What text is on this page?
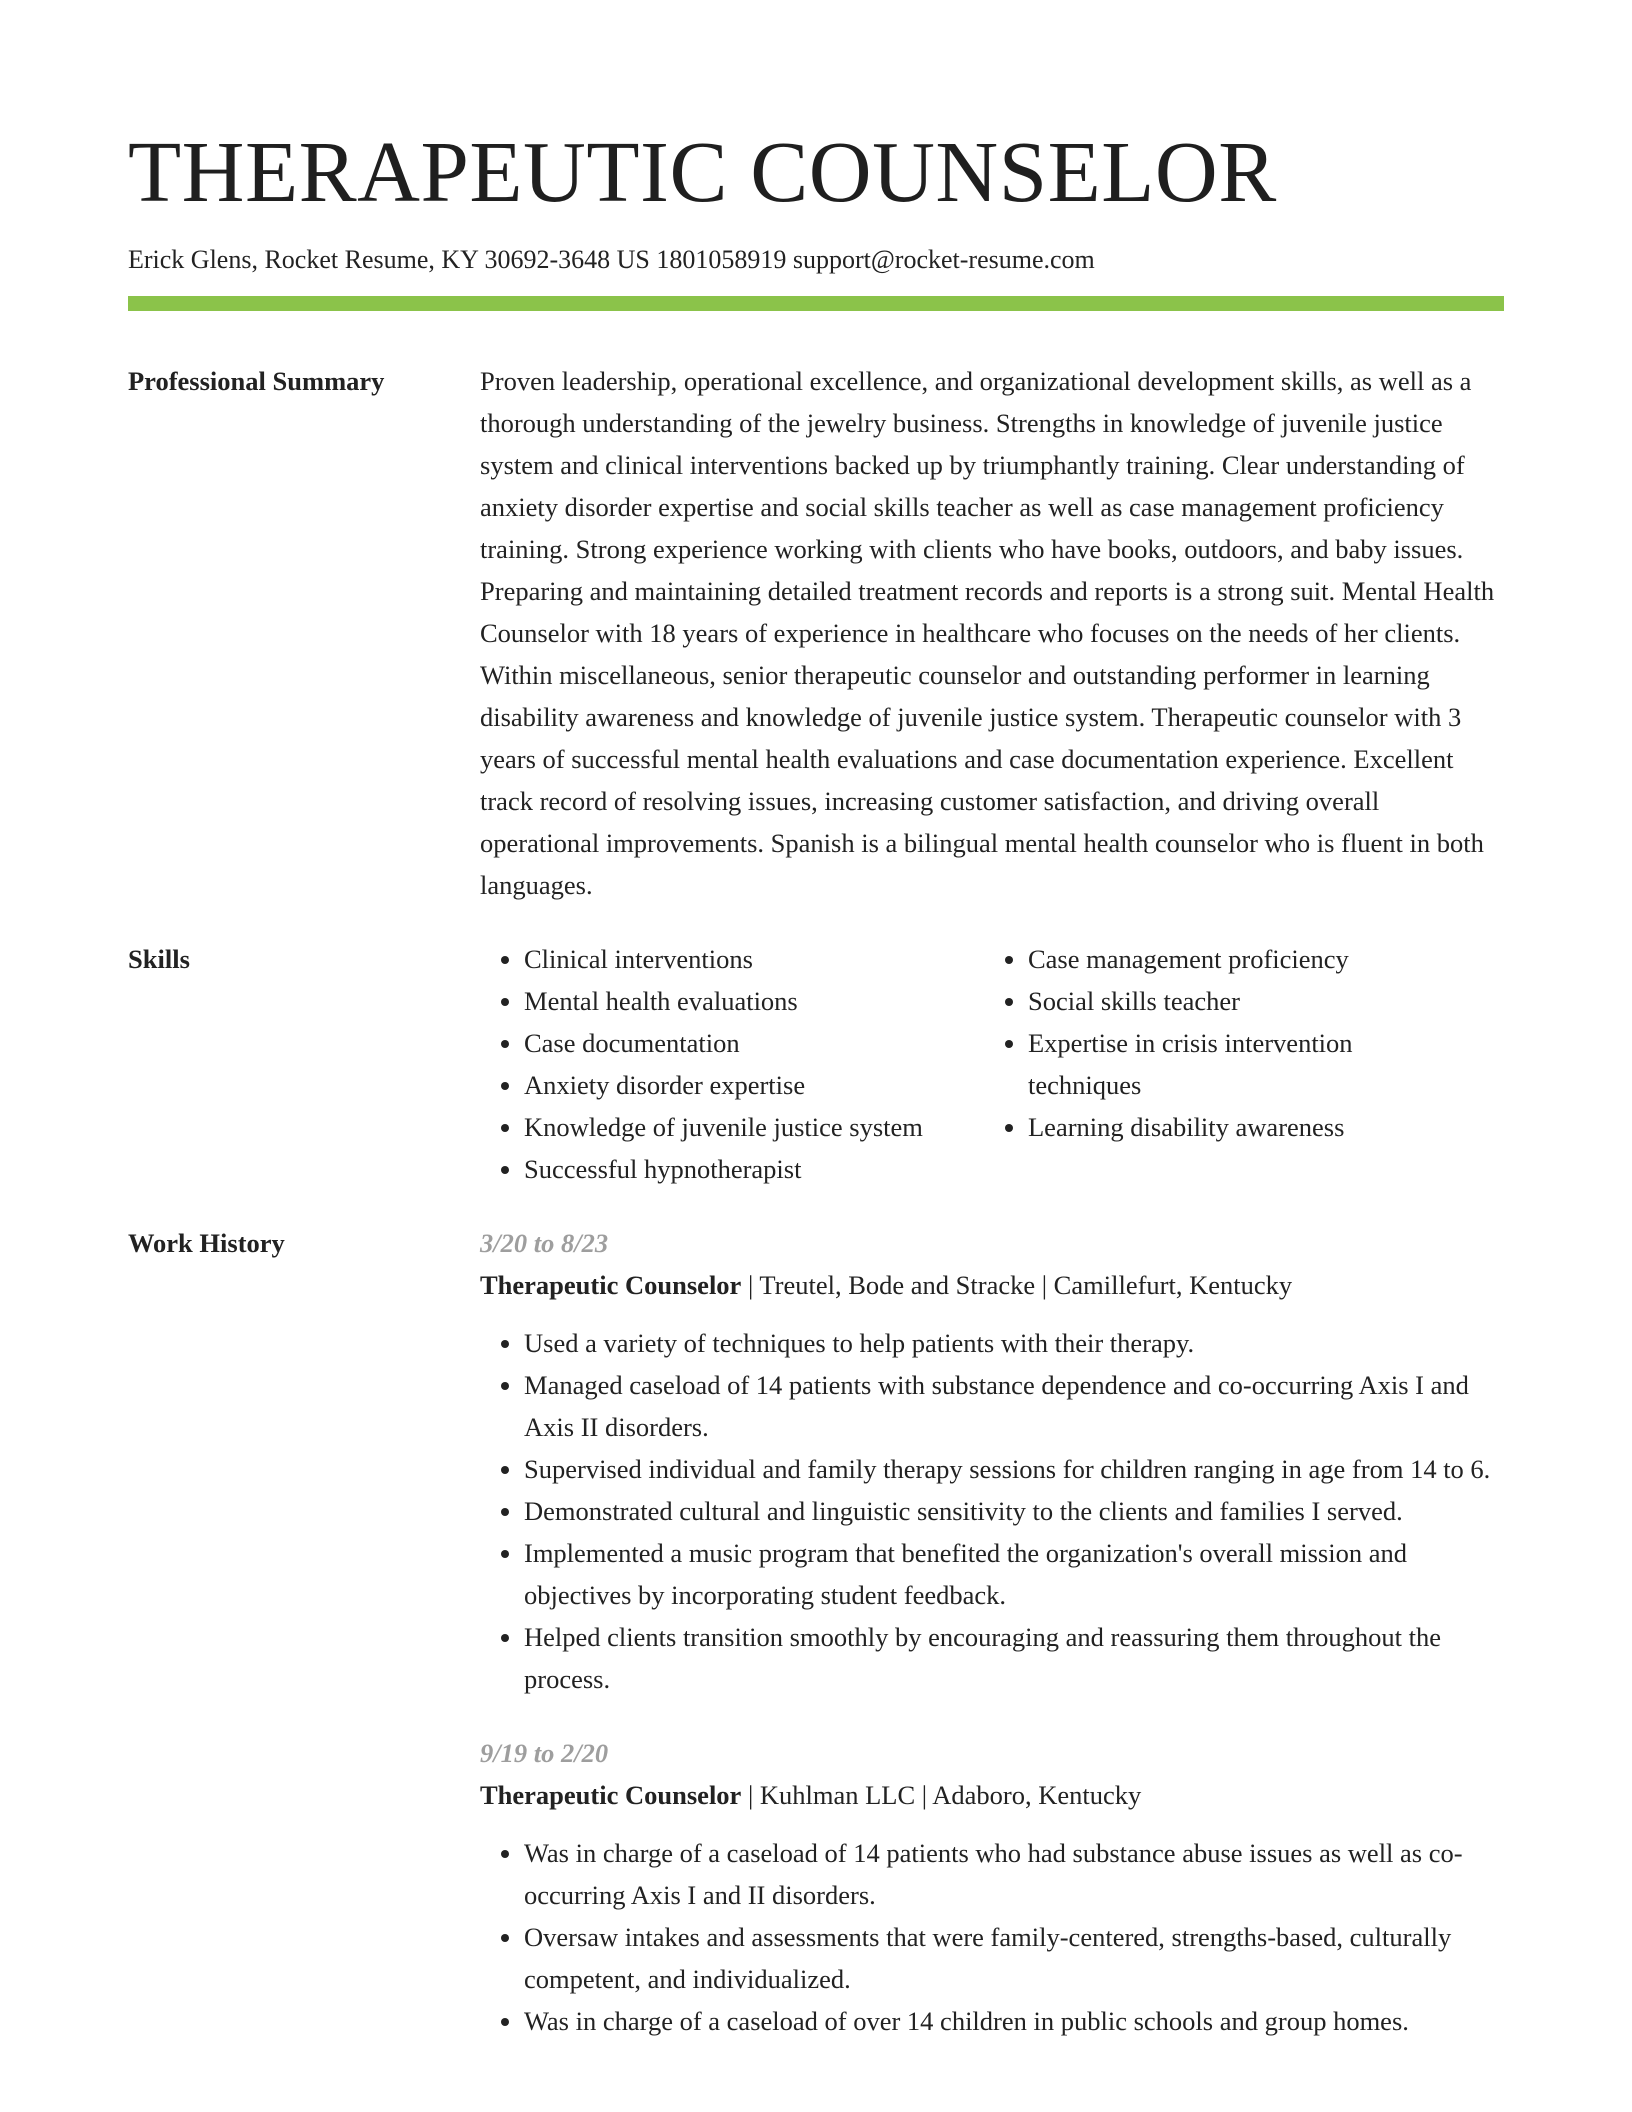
THERAPEUTIC COUNSELOR
Erick Glens, Rocket Resume, KY 30692-3648 US 1801058919 support@rocket-resume.com
Professional Summary	Proven leadership, operational excellence, and organizational development skills, as well as a thorough understanding of the jewelry business. Strengths in knowledge of juvenile justice system and clinical interventions backed up by triumphantly training. Clear understanding of anxiety disorder expertise and social skills teacher as well as case management proficiency training. Strong experience working with clients who have books, outdoors, and baby issues. Preparing and maintaining detailed treatment records and reports is a strong suit. Mental Health Counselor with 18 years of experience in healthcare who focuses on the needs of her clients. Within miscellaneous, senior therapeutic counselor and outstanding performer in learning disability awareness and knowledge of juvenile justice system. Therapeutic counselor with 3 years of successful mental health evaluations and case documentation experience. Excellent track record of resolving issues, increasing customer satisfaction, and driving overall operational improvements. Spanish is a bilingual mental health counselor who is fluent in both languages.

Skills
•	Clinical interventions
• Mental health evaluations
• Case documentation
• Anxiety disorder expertise
• Knowledge of juvenile justice system
• Successful hypnotherapist
• Case management proficiency
• Social skills teacher
• Expertise in crisis intervention techniques
• Learning disability awareness
Work History	3/20 to 8/23
Therapeutic Counselor | Treutel, Bode and Stracke | Camillefurt, Kentucky
• Used a variety of techniques to help patients with their therapy.
• Managed caseload of 14 patients with substance dependence and co-occurring Axis I and Axis II disorders.
• Supervised individual and family therapy sessions for children ranging in age from 14 to 6.
• Demonstrated cultural and linguistic sensitivity to the clients and families I served.
• Implemented a music program that benefited the organization's overall mission and objectives by incorporating student feedback.
• Helped clients transition smoothly by encouraging and reassuring them throughout the process.
9/19 to 2/20
Therapeutic Counselor | Kuhlman LLC | Adaboro, Kentucky
• Was in charge of a caseload of 14 patients who had substance abuse issues as well as co-occurring Axis I and II disorders.
• Oversaw intakes and assessments that were family-centered, strengths-based, culturally competent, and individualized.
• Was in charge of a caseload of over 14 children in public schools and group homes.
